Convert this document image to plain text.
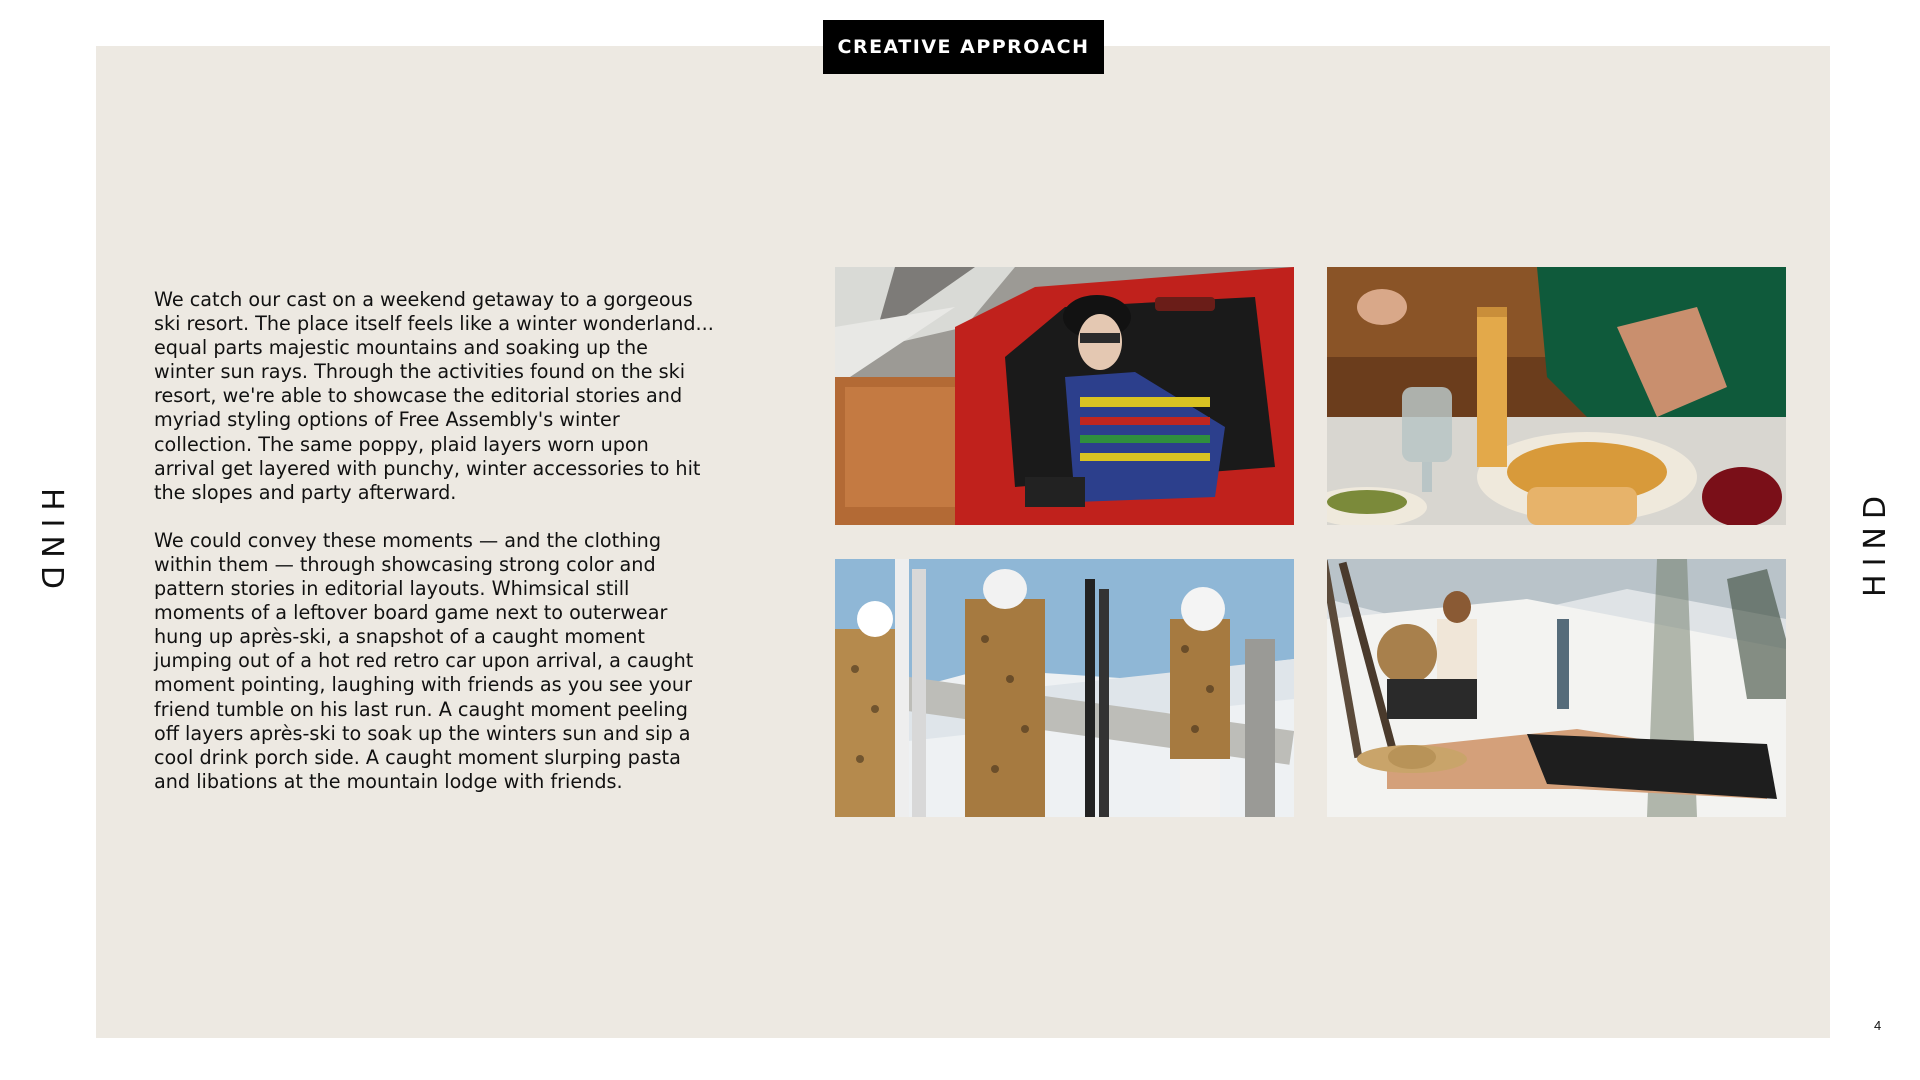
CREATIVE APPROACH

We catch our cast on a weekend getaway to a gorgeous ski resort. The place itself feels like a winter wonderland... equal parts majestic mountains and soaking up the winter sun rays. Through the activities found on the ski resort, we're able to showcase the editorial stories and myriad styling options of Free Assembly's winter collection. The same poppy, plaid layers worn upon arrival get layered with punchy, winter accessories to hit the slopes and party afterward.

We could convey these moments — and the clothing within them — through showcasing strong color and pattern stories in editorial layouts. Whimsical still moments of a leftover board game next to outerwear hung up après-ski, a snapshot of a caught moment jumping out of a hot red retro car upon arrival, a caught moment pointing, laughing with friends as you see your friend tumble on his last run. A caught moment peeling off layers après-ski to soak up the winters sun and sip a cool drink porch side. A caught moment slurping pasta and libations at the mountain lodge with friends.

HIND	HIND
4
